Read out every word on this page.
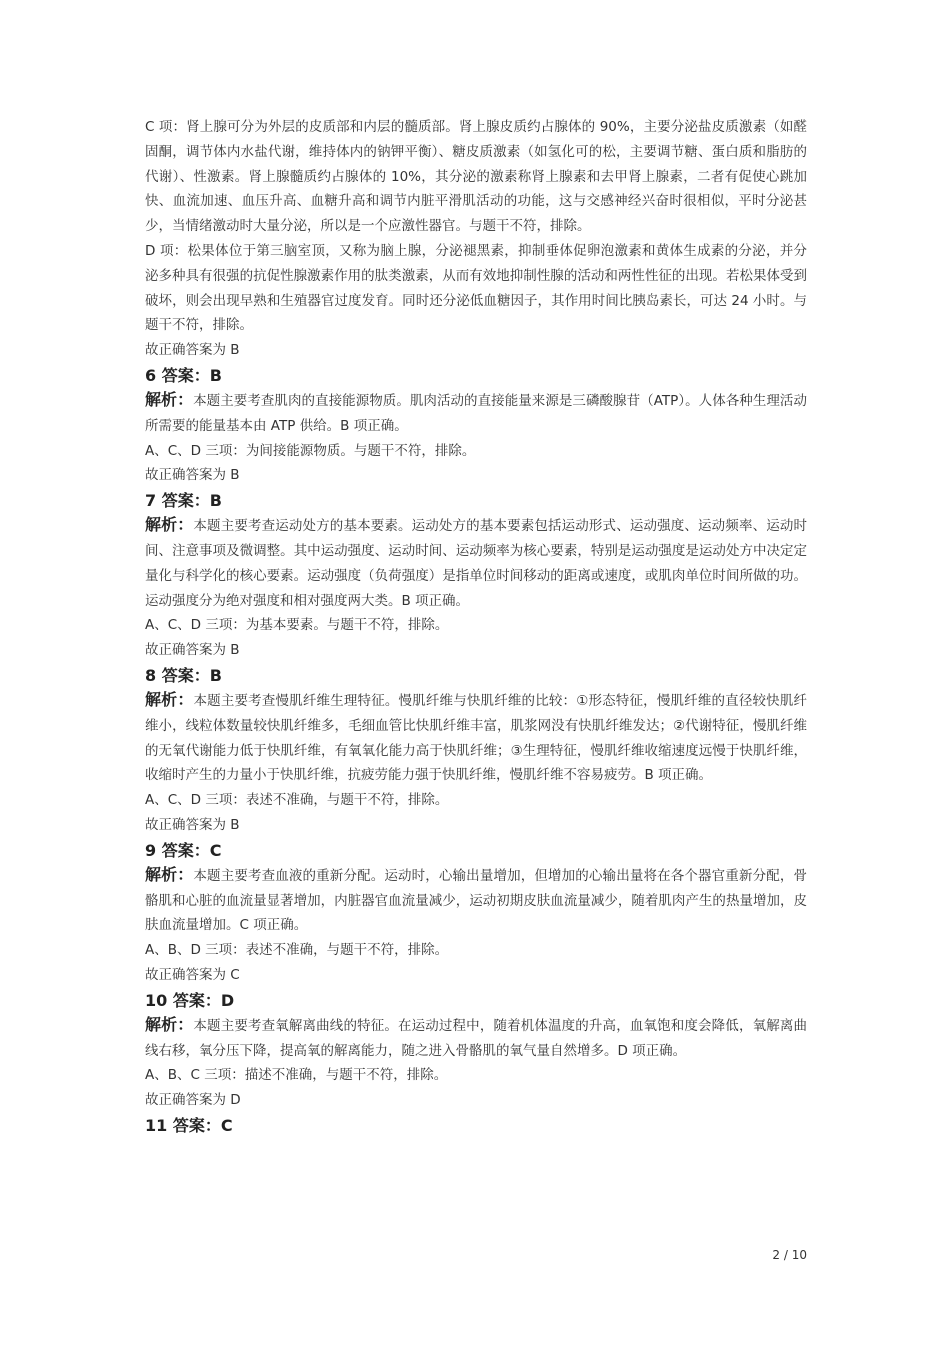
C 项：肾上腺可分为外层的皮质部和内层的髓质部。肾上腺皮质约占腺体的 90%，主要分泌盐皮质激素（如醛固酮，调节体内水盐代谢，维持体内的钠钾平衡）、糖皮质激素（如氢化可的松，主要调节糖、蛋白质和脂肪的代谢）、性激素。肾上腺髓质约占腺体的 10%，其分泌的激素称肾上腺素和去甲肾上腺素，二者有促使心跳加快、血流加速、血压升高、血糖升高和调节内脏平滑肌活动的功能，这与交感神经兴奋时很相似，平时分泌甚少，当情绪激动时大量分泌，所以是一个应激性器官。与题干不符，排除。

D 项：松果体位于第三脑室顶，又称为脑上腺，分泌褪黑素，抑制垂体促卵泡激素和黄体生成素的分泌，并分泌多种具有很强的抗促性腺激素作用的肽类激素，从而有效地抑制性腺的活动和两性性征的出现。若松果体受到破坏，则会出现早熟和生殖器官过度发育。同时还分泌低血糖因子，其作用时间比胰岛素长，可达 24 小时。与题干不符，排除。

故正确答案为 B

6 答案：B

解析：本题主要考查肌肉的直接能源物质。肌肉活动的直接能量来源是三磷酸腺苷（ATP）。人体各种生理活动所需要的能量基本由 ATP 供给。B 项正确。

A、C、D 三项：为间接能源物质。与题干不符，排除。

故正确答案为 B

7 答案：B

解析：本题主要考查运动处方的基本要素。运动处方的基本要素包括运动形式、运动强度、运动频率、运动时间、注意事项及微调整。其中运动强度、运动时间、运动频率为核心要素，特别是运动强度是运动处方中决定定量化与科学化的核心要素。运动强度（负荷强度）是指单位时间移动的距离或速度，或肌肉单位时间所做的功。运动强度分为绝对强度和相对强度两大类。B 项正确。

A、C、D 三项：为基本要素。与题干不符，排除。

故正确答案为 B

8 答案：B

解析：本题主要考查慢肌纤维生理特征。慢肌纤维与快肌纤维的比较：①形态特征，慢肌纤维的直径较快肌纤维小，线粒体数量较快肌纤维多，毛细血管比快肌纤维丰富，肌浆网没有快肌纤维发达；②代谢特征，慢肌纤维的无氧代谢能力低于快肌纤维，有氧氧化能力高于快肌纤维；③生理特征，慢肌纤维收缩速度远慢于快肌纤维，收缩时产生的力量小于快肌纤维，抗疲劳能力强于快肌纤维，慢肌纤维不容易疲劳。B 项正确。

A、C、D 三项：表述不准确，与题干不符，排除。

故正确答案为 B

9 答案：C

解析：本题主要考查血液的重新分配。运动时，心输出量增加，但增加的心输出量将在各个器官重新分配，骨骼肌和心脏的血流量显著增加，内脏器官血流量减少，运动初期皮肤血流量减少，随着肌肉产生的热量增加，皮肤血流量增加。C 项正确。

A、B、D 三项：表述不准确，与题干不符，排除。

故正确答案为 C

10 答案：D

解析：本题主要考查氧解离曲线的特征。在运动过程中，随着机体温度的升高，血氧饱和度会降低，氧解离曲线右移，氧分压下降，提高氧的解离能力，随之进入骨骼肌的氧气量自然增多。D 项正确。

A、B、C 三项：描述不准确，与题干不符，排除。

故正确答案为 D

11 答案：C

2 / 10
